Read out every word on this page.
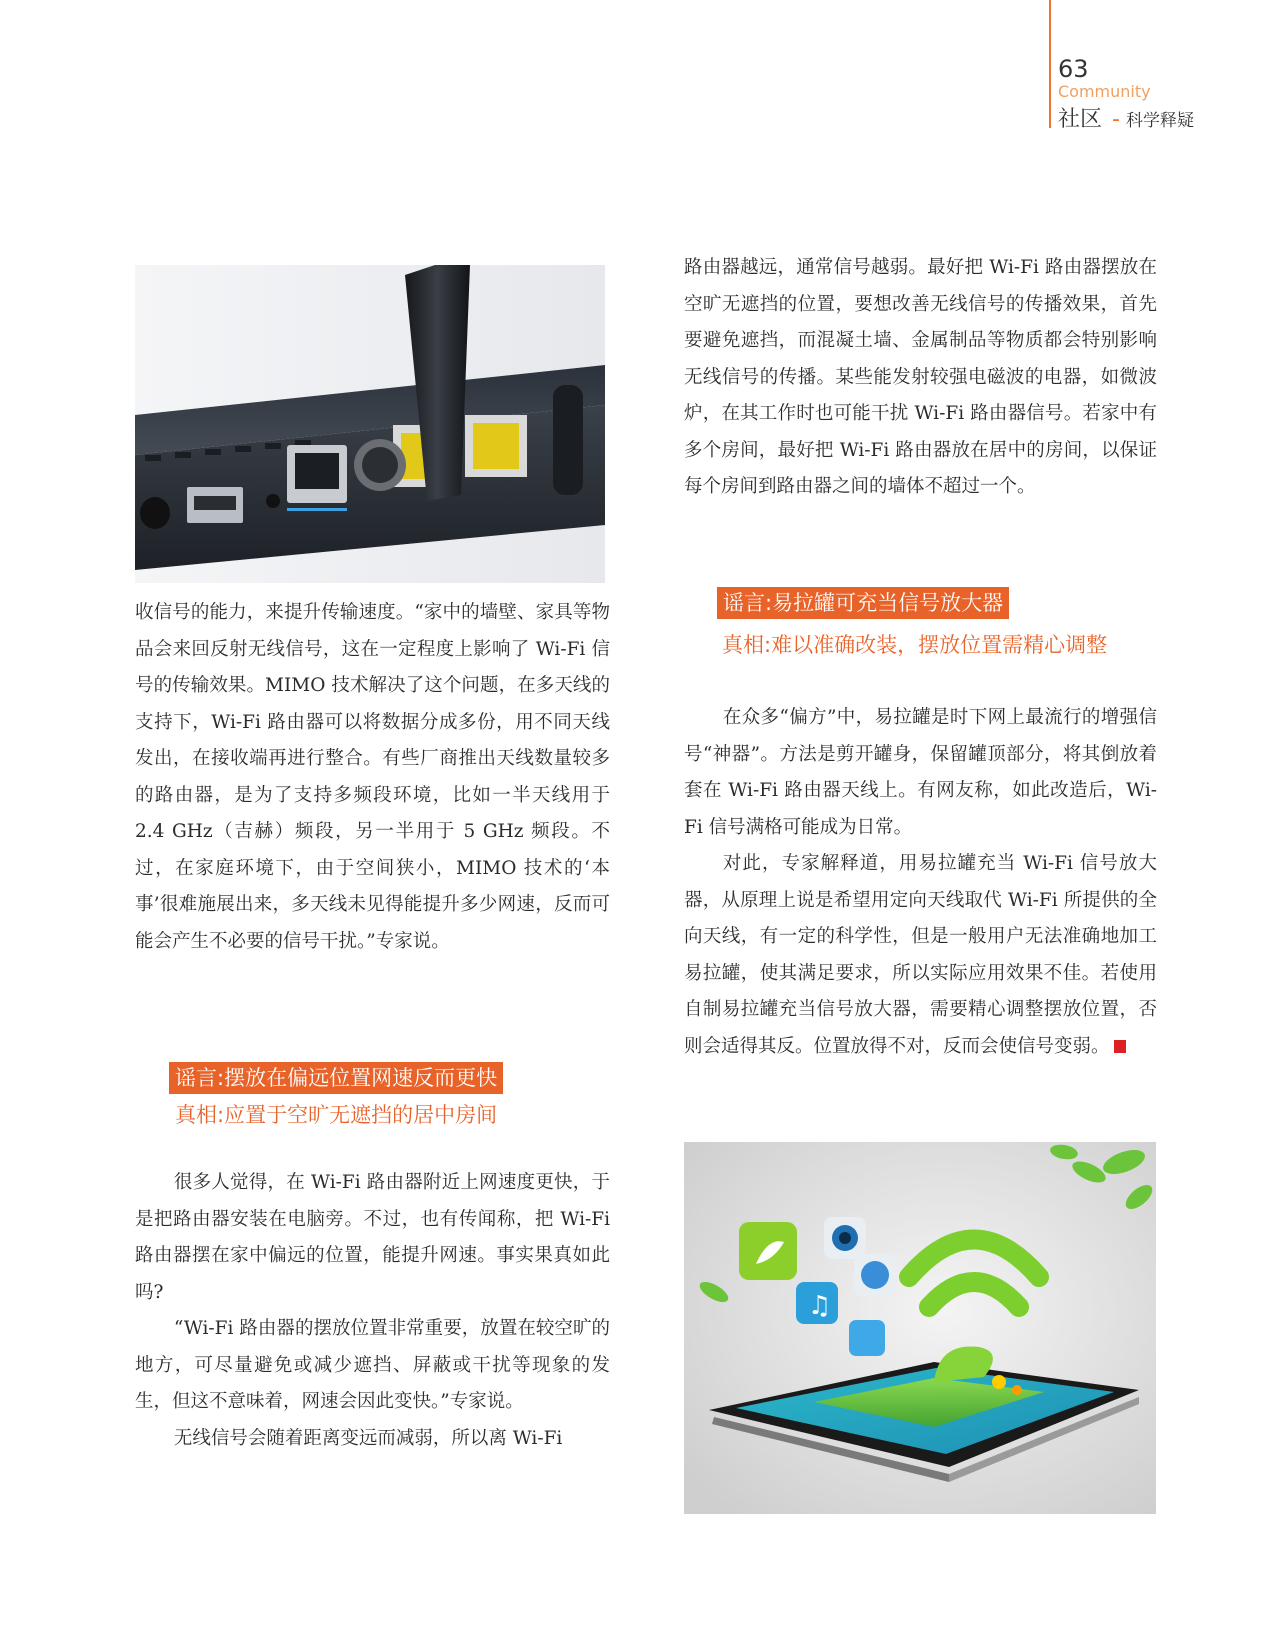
63
Community
社区 - 科学释疑

收信号的能力，来提升传输速度。“家中的墙壁、家具等物品会来回反射无线信号，这在一定程度上影响了 Wi-Fi 信号的传输效果。MIMO 技术解决了这个问题，在多天线的支持下，Wi-Fi 路由器可以将数据分成多份，用不同天线发出，在接收端再进行整合。有些厂商推出天线数量较多的路由器，是为了支持多频段环境，比如一半天线用于 2.4 GHz（吉赫）频段，另一半用于 5 GHz 频段。不过，在家庭环境下，由于空间狭小，MIMO 技术的‘本事’很难施展出来，多天线未见得能提升多少网速，反而可能会产生不必要的信号干扰。”专家说。

谣言:摆放在偏远位置网速反而更快
真相:应置于空旷无遮挡的居中房间

很多人觉得，在 Wi-Fi 路由器附近上网速度更快，于是把路由器安装在电脑旁。不过，也有传闻称，把 Wi-Fi 路由器摆在家中偏远的位置，能提升网速。事实果真如此吗?

“Wi-Fi 路由器的摆放位置非常重要，放置在较空旷的地方，可尽量避免或减少遮挡、屏蔽或干扰等现象的发生，但这不意味着，网速会因此变快。”专家说。

无线信号会随着距离变远而减弱，所以离 Wi-Fi

路由器越远，通常信号越弱。最好把 Wi-Fi 路由器摆放在空旷无遮挡的位置，要想改善无线信号的传播效果，首先要避免遮挡，而混凝土墙、金属制品等物质都会特别影响无线信号的传播。某些能发射较强电磁波的电器，如微波炉，在其工作时也可能干扰 Wi-Fi 路由器信号。若家中有多个房间，最好把 Wi-Fi 路由器放在居中的房间，以保证每个房间到路由器之间的墙体不超过一个。

谣言:易拉罐可充当信号放大器
真相:难以准确改装，摆放位置需精心调整

在众多“偏方”中，易拉罐是时下网上最流行的增强信号“神器”。方法是剪开罐身，保留罐顶部分，将其倒放着套在 Wi-Fi 路由器天线上。有网友称，如此改造后，Wi-Fi 信号满格可能成为日常。

对此，专家解释道，用易拉罐充当 Wi-Fi 信号放大器，从原理上说是希望用定向天线取代 Wi-Fi 所提供的全向天线，有一定的科学性，但是一般用户无法准确地加工易拉罐，使其满足要求，所以实际应用效果不佳。若使用自制易拉罐充当信号放大器，需要精心调整摆放位置，否则会适得其反。位置放得不对，反而会使信号变弱。	S

♫
